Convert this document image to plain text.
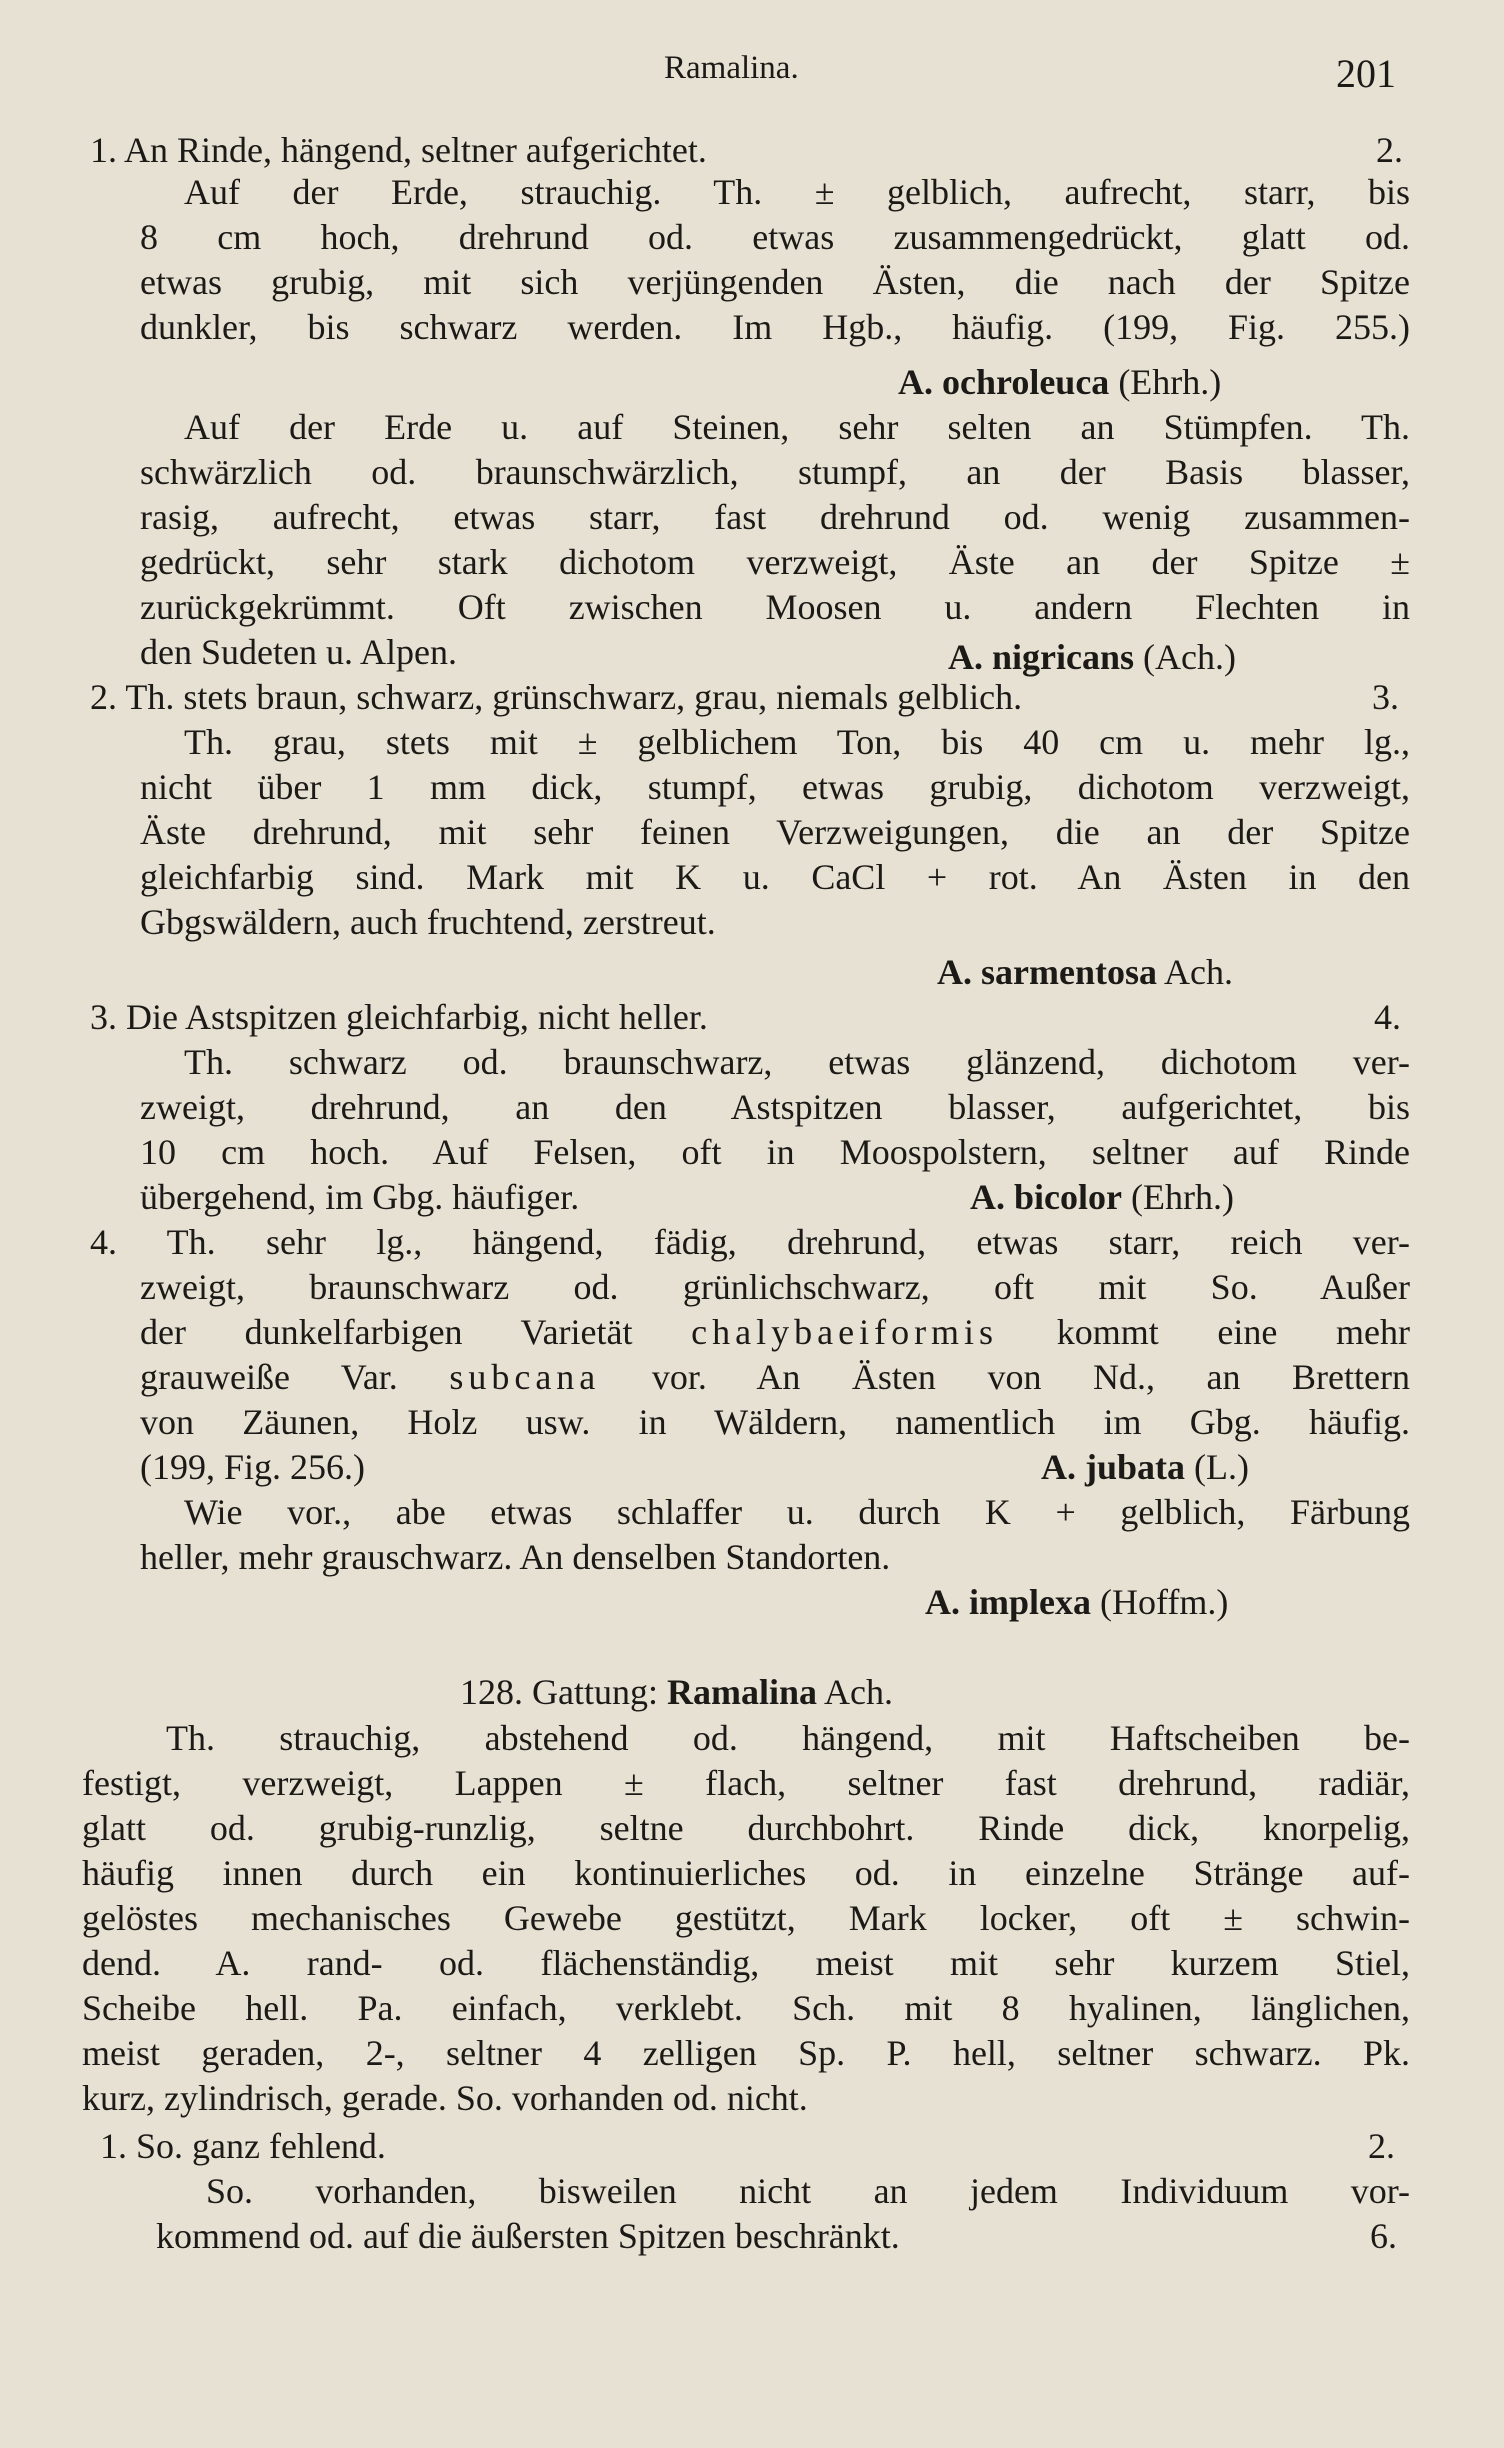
Ramalina.	201
1. An Rinde, hängend, seltner aufgerichtet.	2.
Auf der Erde, strauchig. Th. ± gelblich, aufrecht, starr, bis
8 cm hoch, drehrund od. etwas zusammengedrückt, glatt od.
etwas grubig, mit sich verjüngenden Ästen, die nach der Spitze
dunkler, bis schwarz werden. Im Hgb., häufig. (199, Fig. 255.)
A. ochroleuca (Ehrh.)
Auf der Erde u. auf Steinen, sehr selten an Stümpfen. Th.
schwärzlich od. braunschwärzlich, stumpf, an der Basis blasser,
rasig, aufrecht, etwas starr, fast drehrund od. wenig zusammen-
gedrückt, sehr stark dichotom verzweigt, Äste an der Spitze ±
zurückgekrümmt. Oft zwischen Moosen u. andern Flechten in
den Sudeten u. Alpen.	A. nigricans (Ach.)
2. Th. stets braun, schwarz, grünschwarz, grau, niemals gelblich.	3.
Th. grau, stets mit ± gelblichem Ton, bis 40 cm u. mehr lg.,
nicht über 1 mm dick, stumpf, etwas grubig, dichotom verzweigt,
Äste drehrund, mit sehr feinen Verzweigungen, die an der Spitze
gleichfarbig sind. Mark mit K u. CaCl + rot. An Ästen in den
Gbgswäldern, auch fruchtend, zerstreut.
A. sarmentosa Ach.
3. Die Astspitzen gleichfarbig, nicht heller.	4.
Th. schwarz od. braunschwarz, etwas glänzend, dichotom ver-
zweigt, drehrund, an den Astspitzen blasser, aufgerichtet, bis
10 cm hoch. Auf Felsen, oft in Moospolstern, seltner auf Rinde
übergehend, im Gbg. häufiger.	A. bicolor (Ehrh.)
4. Th. sehr lg., hängend, fädig, drehrund, etwas starr, reich ver-
zweigt, braunschwarz od. grünlichschwarz, oft mit So. Außer
der dunkelfarbigen Varietät chalybaeiformis kommt eine mehr
grauweiße Var. subcana vor. An Ästen von Nd., an Brettern
von Zäunen, Holz usw. in Wäldern, namentlich im Gbg. häufig.
(199, Fig. 256.)	A. jubata (L.)
Wie vor., abe etwas schlaffer u. durch K + gelblich, Färbung
heller, mehr grauschwarz. An denselben Standorten.
A. implexa (Hoffm.)
128. Gattung: Ramalina Ach.
Th. strauchig, abstehend od. hängend, mit Haftscheiben be-
festigt, verzweigt, Lappen ± flach, seltner fast drehrund, radiär,
glatt od. grubig-runzlig, seltne durchbohrt. Rinde dick, knorpelig,
häufig innen durch ein kontinuierliches od. in einzelne Stränge auf-
gelöstes mechanisches Gewebe gestützt, Mark locker, oft ± schwin-
dend. A. rand- od. flächenständig, meist mit sehr kurzem Stiel,
Scheibe hell. Pa. einfach, verklebt. Sch. mit 8 hyalinen, länglichen,
meist geraden, 2-, seltner 4 zelligen Sp. P. hell, seltner schwarz. Pk.
kurz, zylindrisch, gerade. So. vorhanden od. nicht.
1. So. ganz fehlend.	2.
So. vorhanden, bisweilen nicht an jedem Individuum vor-
kommend od. auf die äußersten Spitzen beschränkt.	6.
